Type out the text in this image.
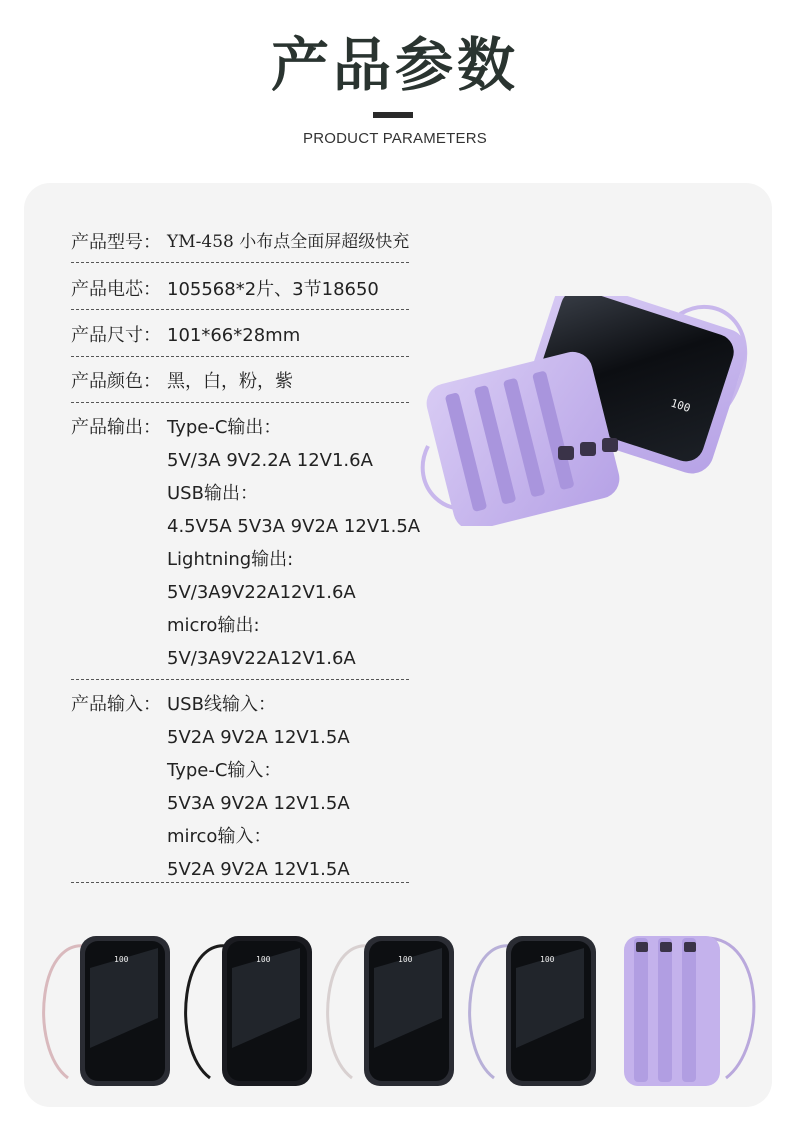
产品参数
PRODUCT PARAMETERS
产品型号： YM-458 小布点全面屏超级快充
产品电芯： 105568*2片、3节18650
产品尺寸： 101*66*28mm
产品颜色： 黑，白，粉，紫
产品输出： Type-C输出：
5V/3A 9V2.2A 12V1.6A
USB输出：
4.5V5A 5V3A 9V2A 12V1.5A
Lightning输出:
5V/3A9V22A12V1.6A
micro输出:
5V/3A9V22A12V1.6A
产品输入： USB线输入：
5V2A 9V2A 12V1.5A
Type-C输入：
5V3A 9V2A 12V1.5A
mirco输入：
5V2A 9V2A 12V1.5A
100
100	100	100	100
